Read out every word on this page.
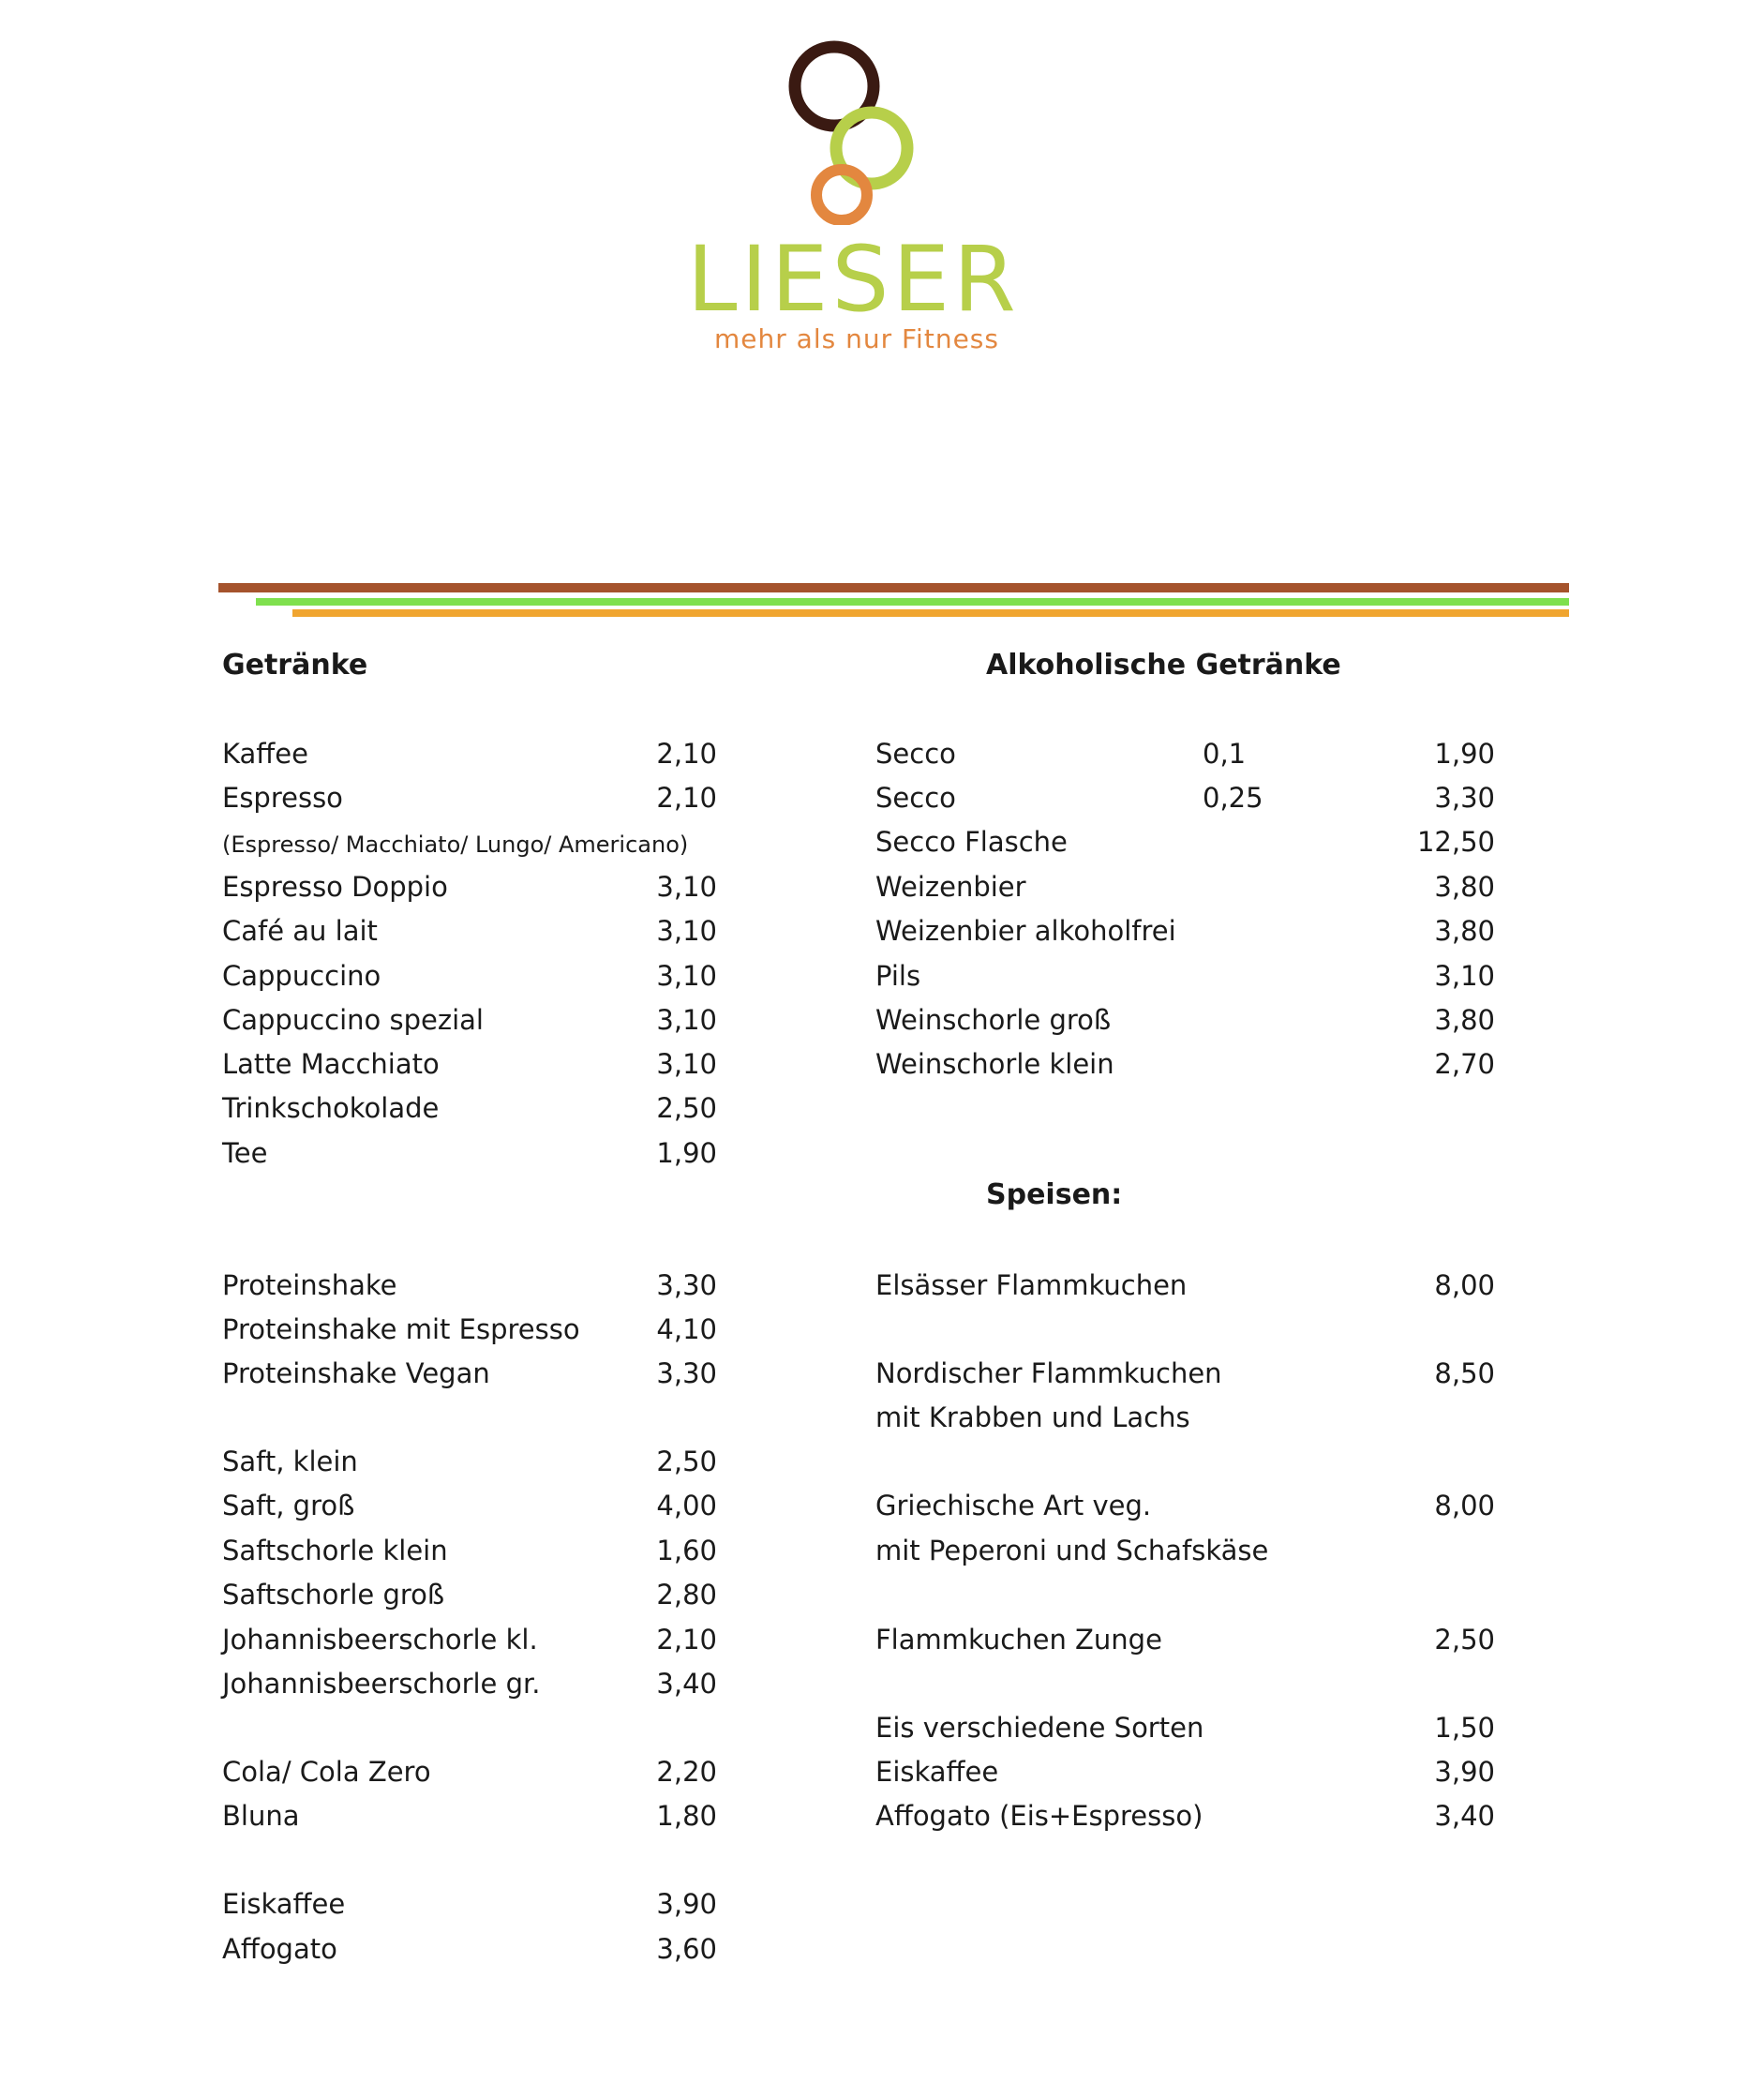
LIESER
mehr als nur Fitness
Getränke	Alkoholische Getränke
Speisen:
Kaffee	2,10
Espresso	2,10
(Espresso/ Macchiato/ Lungo/ Americano)
Espresso Doppio	3,10
Café au lait	3,10
Cappuccino	3,10
Cappuccino spezial	3,10
Latte Macchiato	3,10
Trinkschokolade	2,50
Tee	1,90
Proteinshake	3,30
Proteinshake mit Espresso	4,10
Proteinshake Vegan	3,30
Saft, klein	2,50
Saft, groß	4,00
Saftschorle klein	1,60
Saftschorle groß	2,80
Johannisbeerschorle kl.	2,10
Johannisbeerschorle gr.	3,40
Cola/ Cola Zero	2,20
Bluna	1,80
Eiskaffee	3,90
Affogato	3,60
Secco	0,1	1,90
Secco	0,25	3,30
Secco Flasche	12,50
Weizenbier	3,80
Weizenbier alkoholfrei	3,80
Pils	3,10
Weinschorle groß	3,80
Weinschorle klein	2,70
Elsässer Flammkuchen	8,00
Nordischer Flammkuchen	8,50
mit Krabben und Lachs
Griechische Art veg.	8,00
mit Peperoni und Schafskäse
Flammkuchen Zunge	2,50
Eis verschiedene Sorten	1,50
Eiskaffee	3,90
Affogato (Eis+Espresso)	3,40
